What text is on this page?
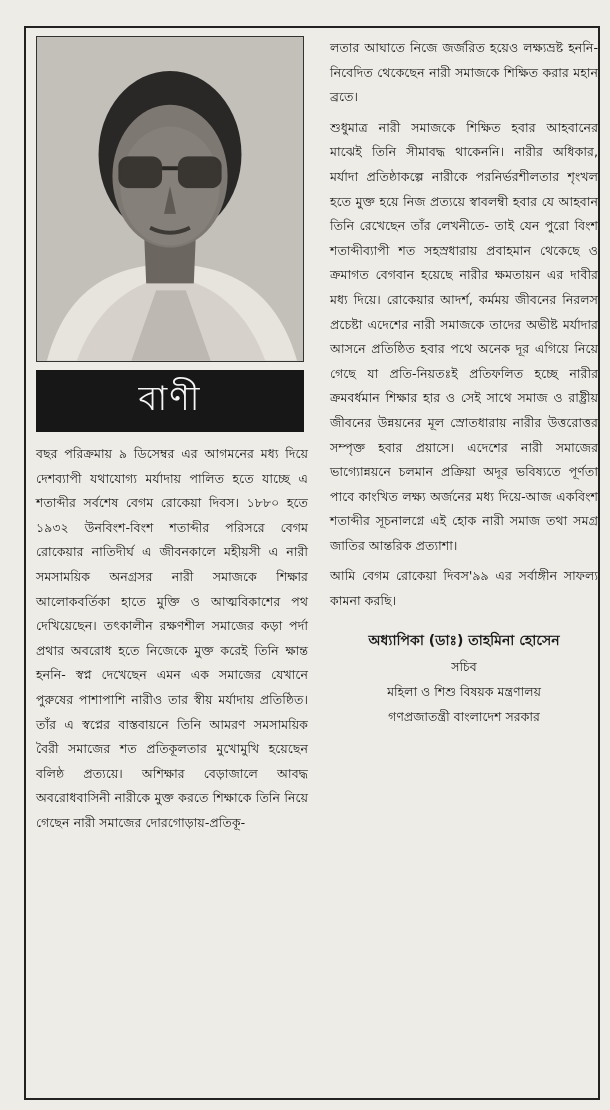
বাণী

বছর পরিক্রমায় ৯ ডিসেম্বর এর আগমনের মধ্য দিয়ে দেশব্যাপী যথাযোগ্য মর্যাদায় পালিত হতে যাচ্ছে এ শতাব্দীর সর্বশেষ বেগম রোকেয়া দিবস। ১৮৮০ হতে ১৯৩২ উনবিংশ-বিংশ শতাব্দীর পরিসরে বেগম রোকেয়ার নাতিদীর্ঘ এ জীবনকালে মহীয়সী এ নারী সমসাময়িক অনগ্রসর নারী সমাজকে শিক্ষার আলোকবর্তিকা হাতে মুক্তি ও আত্মবিকাশের পথ দেখিয়েছেন। তৎকালীন রক্ষণশীল সমাজের কড়া পর্দা প্রথার অবরোধ হতে নিজেকে মুক্ত করেই তিনি ক্ষান্ত হননি- স্বপ্ন দেখেছেন এমন এক সমাজের যেখানে পুরুষের পাশাপাশি নারীও তার স্বীয় মর্যাদায় প্রতিষ্ঠিত। তাঁর এ স্বপ্নের বাস্তবায়নে তিনি আমরণ সমসাময়িক বৈরী সমাজের শত প্রতিকূলতার মুখোমুখি হয়েছেন বলিষ্ঠ প্রত্যয়ে। অশিক্ষার বেড়াজালে আবদ্ধ অবরোধবাসিনী নারীকে মুক্ত করতে শিক্ষাকে তিনি নিয়ে গেছেন নারী সমাজের দোরগোড়ায়-প্রতিকূ-

লতার আঘাতে নিজে জর্জরিত হয়েও লক্ষ্যভ্রষ্ট হননি- নিবেদিত থেকেছেন নারী সমাজকে শিক্ষিত করার মহান ব্রতে।

শুধুমাত্র নারী সমাজকে শিক্ষিত হবার আহবানের মাঝেই তিনি সীমাবদ্ধ থাকেননি। নারীর অধিকার, মর্যাদা প্রতিষ্ঠাকল্পে নারীকে পরনির্ভরশীলতার শৃংখল হতে মুক্ত হয়ে নিজ প্রত্যয়ে স্বাবলম্বী হবার যে আহবান তিনি রেখেছেন তাঁর লেখনীতে- তাই যেন পুরো বিংশ শতাব্দীব্যাপী শত সহস্রধারায় প্রবাহমান থেকেছে ও ক্রমাগত বেগবান হয়েছে নারীর ক্ষমতায়ন এর দাবীর মধ্য দিয়ে। রোকেয়ার আদর্শ, কর্মময় জীবনের নিরলস প্রচেষ্টা এদেশের নারী সমাজকে তাদের অভীষ্ট মর্যাদার আসনে প্রতিষ্ঠিত হবার পথে অনেক দূর এগিয়ে নিয়ে গেছে যা প্রতি-নিয়তঃই প্রতিফলিত হচ্ছে নারীর ক্রমবর্ধমান শিক্ষার হার ও সেই সাথে সমাজ ও রাষ্ট্রীয় জীবনের উন্নয়নের মূল স্রোতধারায় নারীর উত্তরোত্তর সম্পৃক্ত হবার প্রয়াসে। এদেশের নারী সমাজের ভাগ্যোন্নয়নে চলমান প্রক্রিয়া অদূর ভবিষ্যতে পূর্ণতা পাবে কাংখিত লক্ষ্য অর্জনের মধ্য দিয়ে-আজ একবিংশ শতাব্দীর সূচনালগ্নে এই হোক নারী সমাজ তথা সমগ্র জাতির আন্তরিক প্রত্যাশা।

আমি বেগম রোকেয়া দিবস'৯৯ এর সর্বাঙ্গীন সাফল্য কামনা করছি।

অধ্যাপিকা (ডাঃ) তাহমিনা হোসেন
সচিব
মহিলা ও শিশু বিষয়ক মন্ত্রণালয়
গণপ্রজাতন্ত্রী বাংলাদেশ সরকার
